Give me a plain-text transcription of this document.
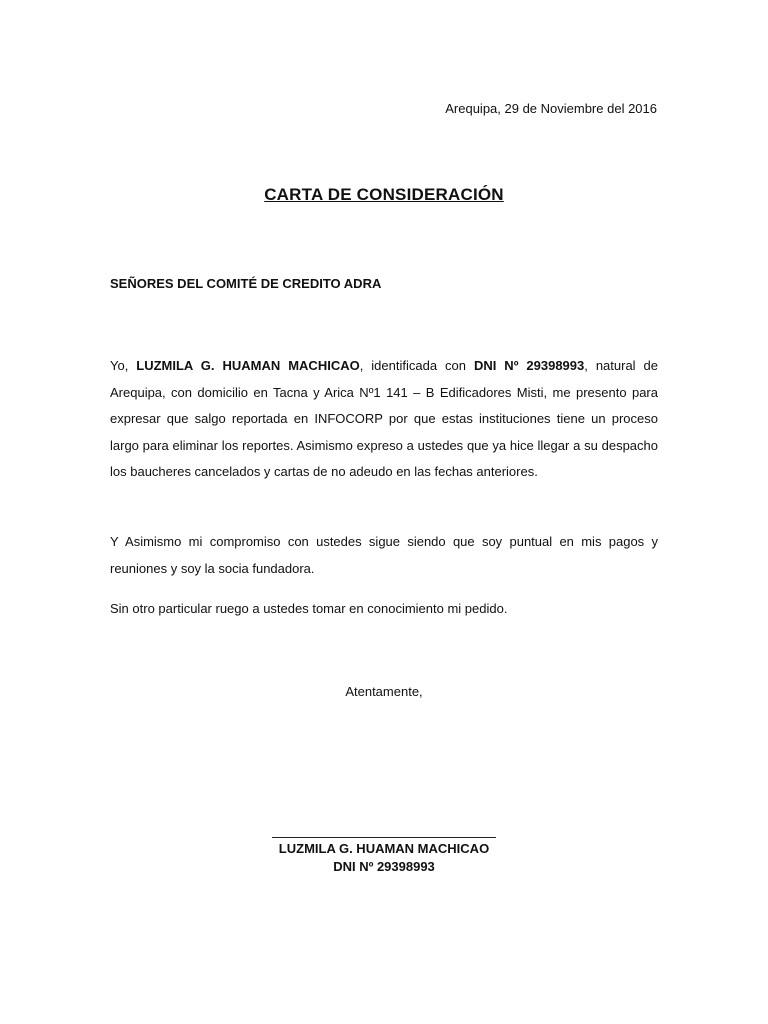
Arequipa, 29 de Noviembre del 2016
CARTA DE CONSIDERACIÓN
SEÑORES DEL COMITÉ DE CREDITO ADRA
Yo, LUZMILA G. HUAMAN MACHICAO, identificada con DNI Nº 29398993, natural de Arequipa, con domicilio en Tacna y Arica Nº1 141 – B Edificadores Misti, me presento para expresar que salgo reportada en INFOCORP por que estas instituciones tiene un proceso largo para eliminar los reportes. Asimismo expreso a ustedes que ya hice llegar a su despacho los baucheres cancelados y cartas de no adeudo en las fechas anteriores.
Y Asimismo mi compromiso con ustedes sigue siendo que soy puntual en mis pagos y reuniones y soy la socia fundadora.
Sin otro particular ruego a ustedes tomar en conocimiento mi pedido.
Atentamente,
LUZMILA G. HUAMAN MACHICAO
DNI Nº 29398993
